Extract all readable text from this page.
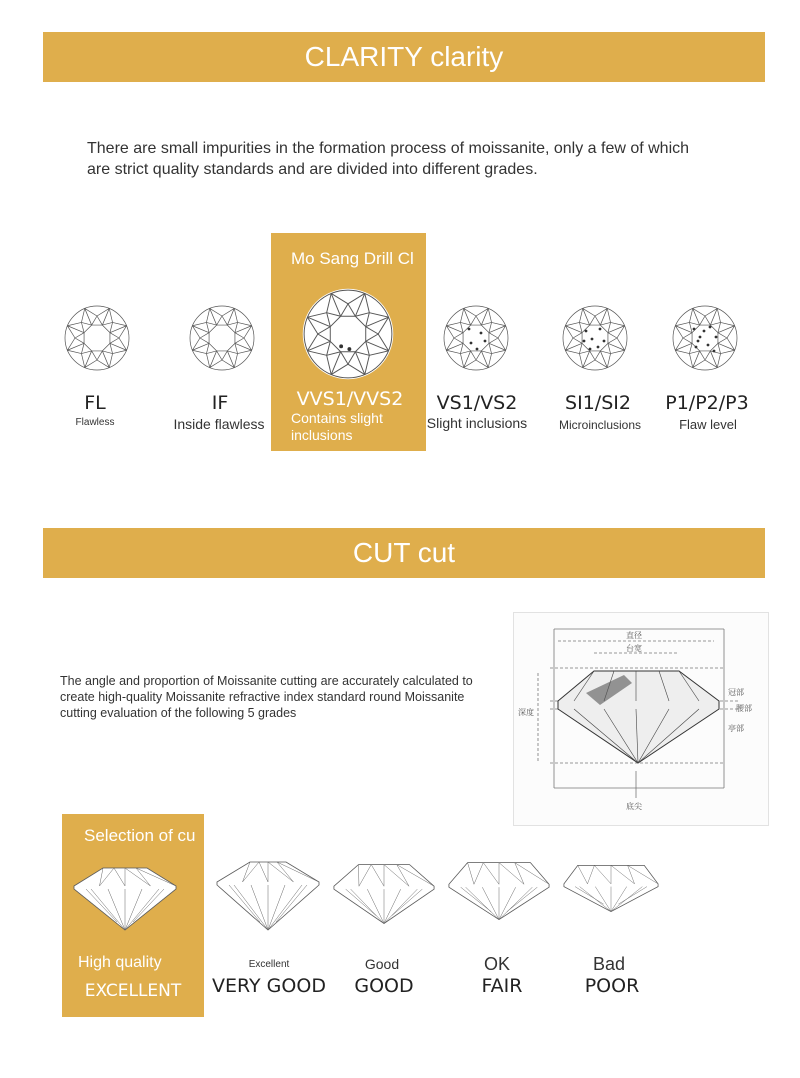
CLARITY clarity
There are small impurities in the formation process of moissanite, only a few of which are strict quality standards and are divided into different grades.
Mo Sang Drill Cl
FL	IF	VVS1/VVS2	VS1/VS2	SI1/SI2	P1/P2/P3
Flawless	Inside flawless	Contains slight inclusions
Slight inclusions	Microinclusions	Flaw level
CUT cut
The angle and proportion of Moissanite cutting are accurately calculated to create high-quality Moissanite refractive index standard round Moissanite cutting evaluation of the following 5 grades
直径
台宽
冠部
腰部
亭部
深度
底尖
Selection of cu
High quality	Excellent	Good	OK	Bad
EXCELLENT	VERY GOOD	GOOD	FAIR	POOR
